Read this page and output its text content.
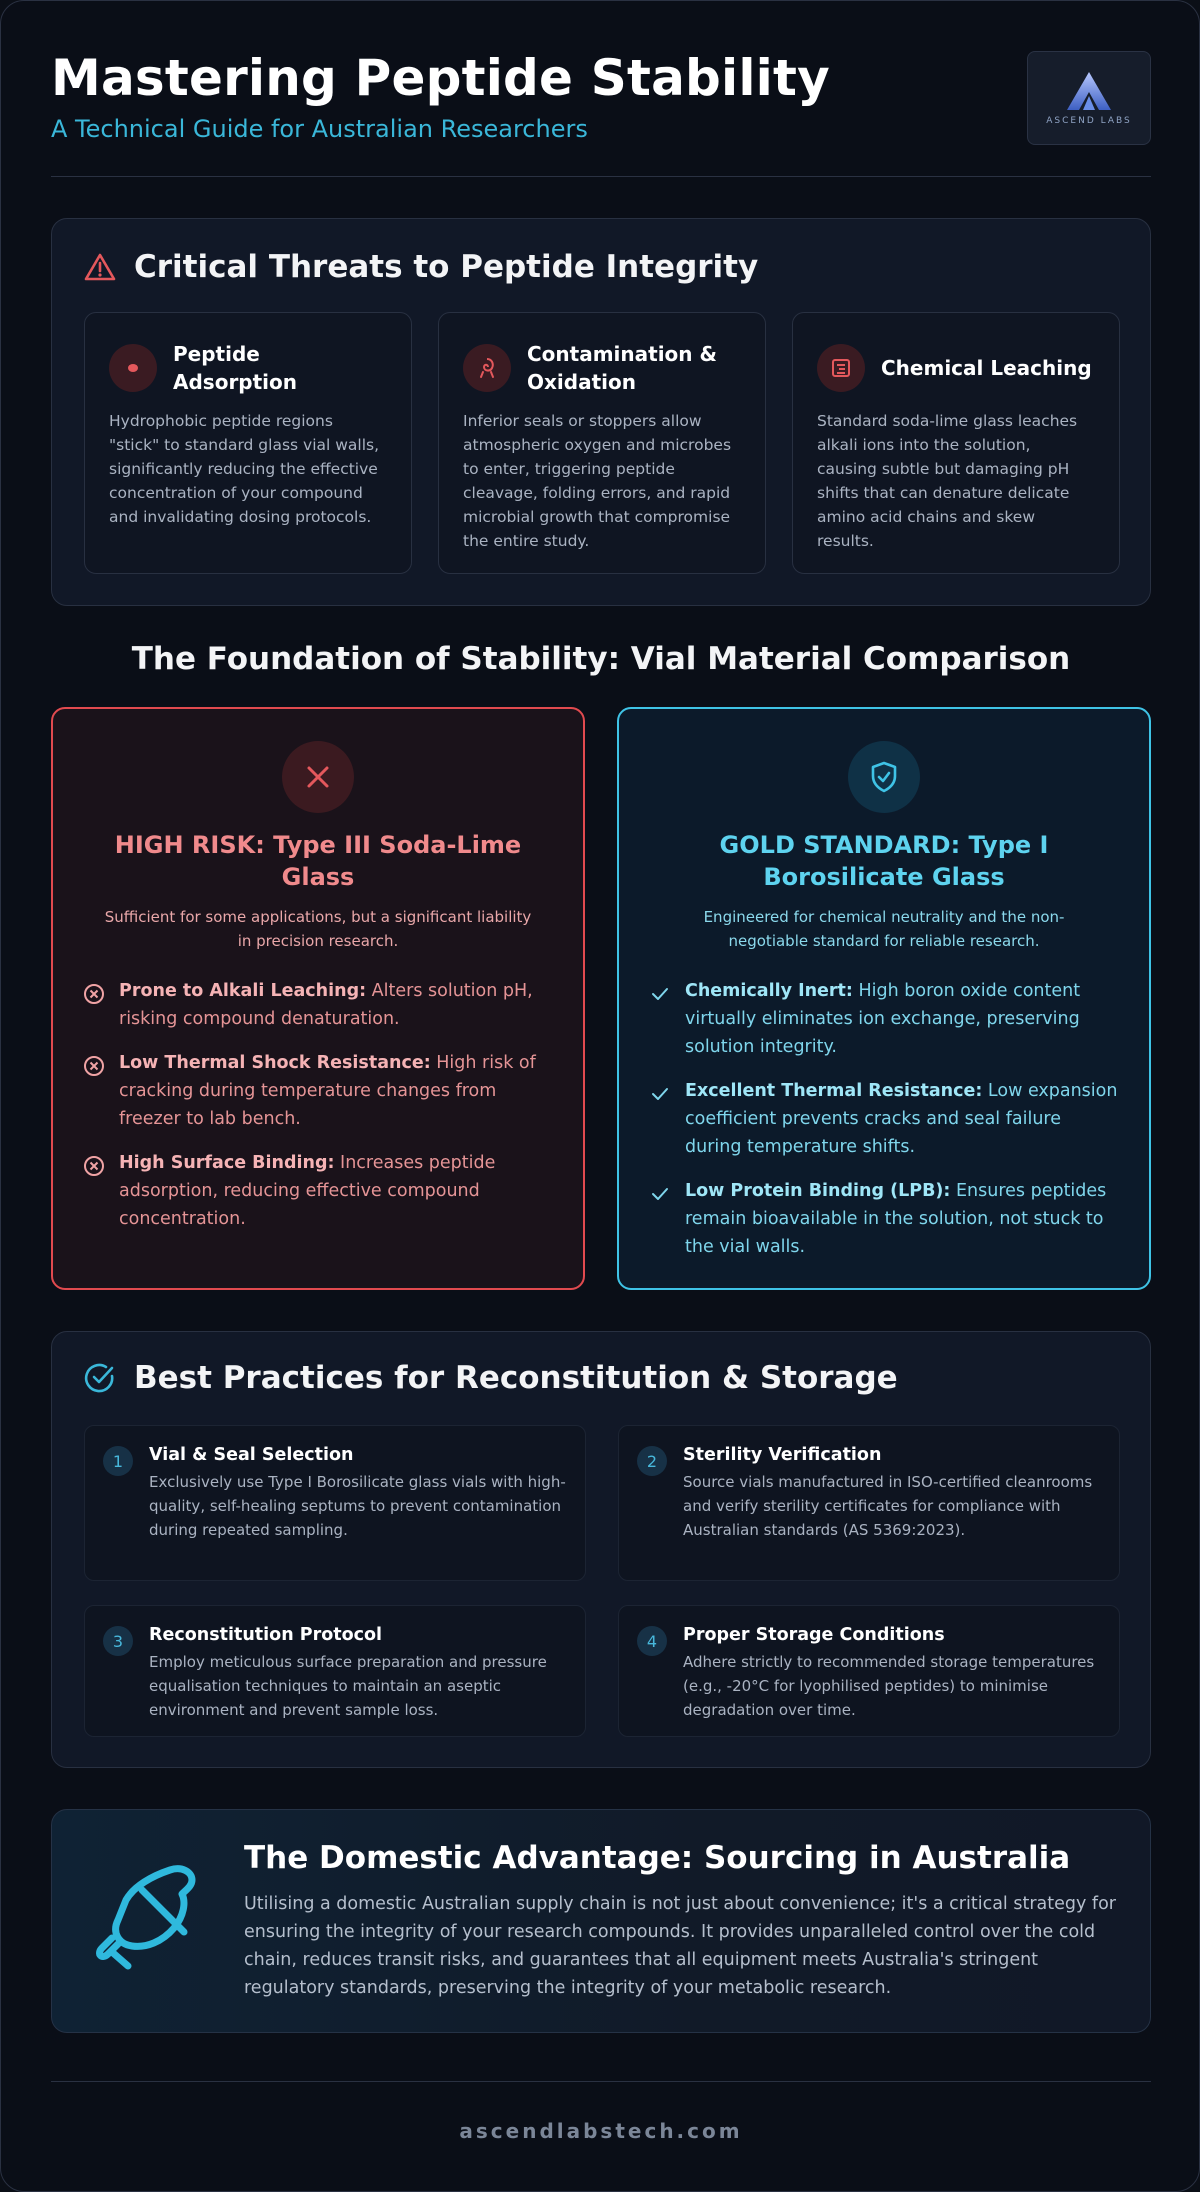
Mastering Peptide Stability
A Technical Guide for Australian Researchers	ASCEND LABS
Critical Threats to Peptide Integrity
Peptide Adsorption
Hydrophobic peptide regions "stick" to standard glass vial walls, significantly reducing the effective concentration of your compound and invalidating dosing protocols.
Contamination & Oxidation
Inferior seals or stoppers allow atmospheric oxygen and microbes to enter, triggering peptide cleavage, folding errors, and rapid microbial growth that compromise the entire study.
Chemical Leaching
Standard soda-lime glass leaches alkali ions into the solution, causing subtle but damaging pH shifts that can denature delicate amino acid chains and skew results.
The Foundation of Stability: Vial Material Comparison
HIGH RISK: Type III Soda-Lime Glass
Sufficient for some applications, but a significant liability in precision research.
Prone to Alkali Leaching: Alters solution pH, risking compound denaturation.
Low Thermal Shock Resistance: High risk of cracking during temperature changes from freezer to lab bench.
High Surface Binding: Increases peptide adsorption, reducing effective compound concentration.
GOLD STANDARD: Type I Borosilicate Glass
Engineered for chemical neutrality and the non-negotiable standard for reliable research.
Chemically Inert: High boron oxide content virtually eliminates ion exchange, preserving solution integrity.
Excellent Thermal Resistance: Low expansion coefficient prevents cracks and seal failure during temperature shifts.
Low Protein Binding (LPB): Ensures peptides remain bioavailable in the solution, not stuck to the vial walls.
Best Practices for Reconstitution & Storage
1	Vial & Seal Selection
Exclusively use Type I Borosilicate glass vials with high-quality, self-healing septums to prevent contamination during repeated sampling.
2	Sterility Verification
Source vials manufactured in ISO-certified cleanrooms and verify sterility certificates for compliance with Australian standards (AS 5369:2023).
3	Reconstitution Protocol
Employ meticulous surface preparation and pressure equalisation techniques to maintain an aseptic environment and prevent sample loss.
4	Proper Storage Conditions
Adhere strictly to recommended storage temperatures (e.g., -20°C for lyophilised peptides) to minimise degradation over time.
The Domestic Advantage: Sourcing in Australia
Utilising a domestic Australian supply chain is not just about convenience; it's a critical strategy for ensuring the integrity of your research compounds. It provides unparalleled control over the cold chain, reduces transit risks, and guarantees that all equipment meets Australia's stringent regulatory standards, preserving the integrity of your metabolic research.
ascendlabstech.com
